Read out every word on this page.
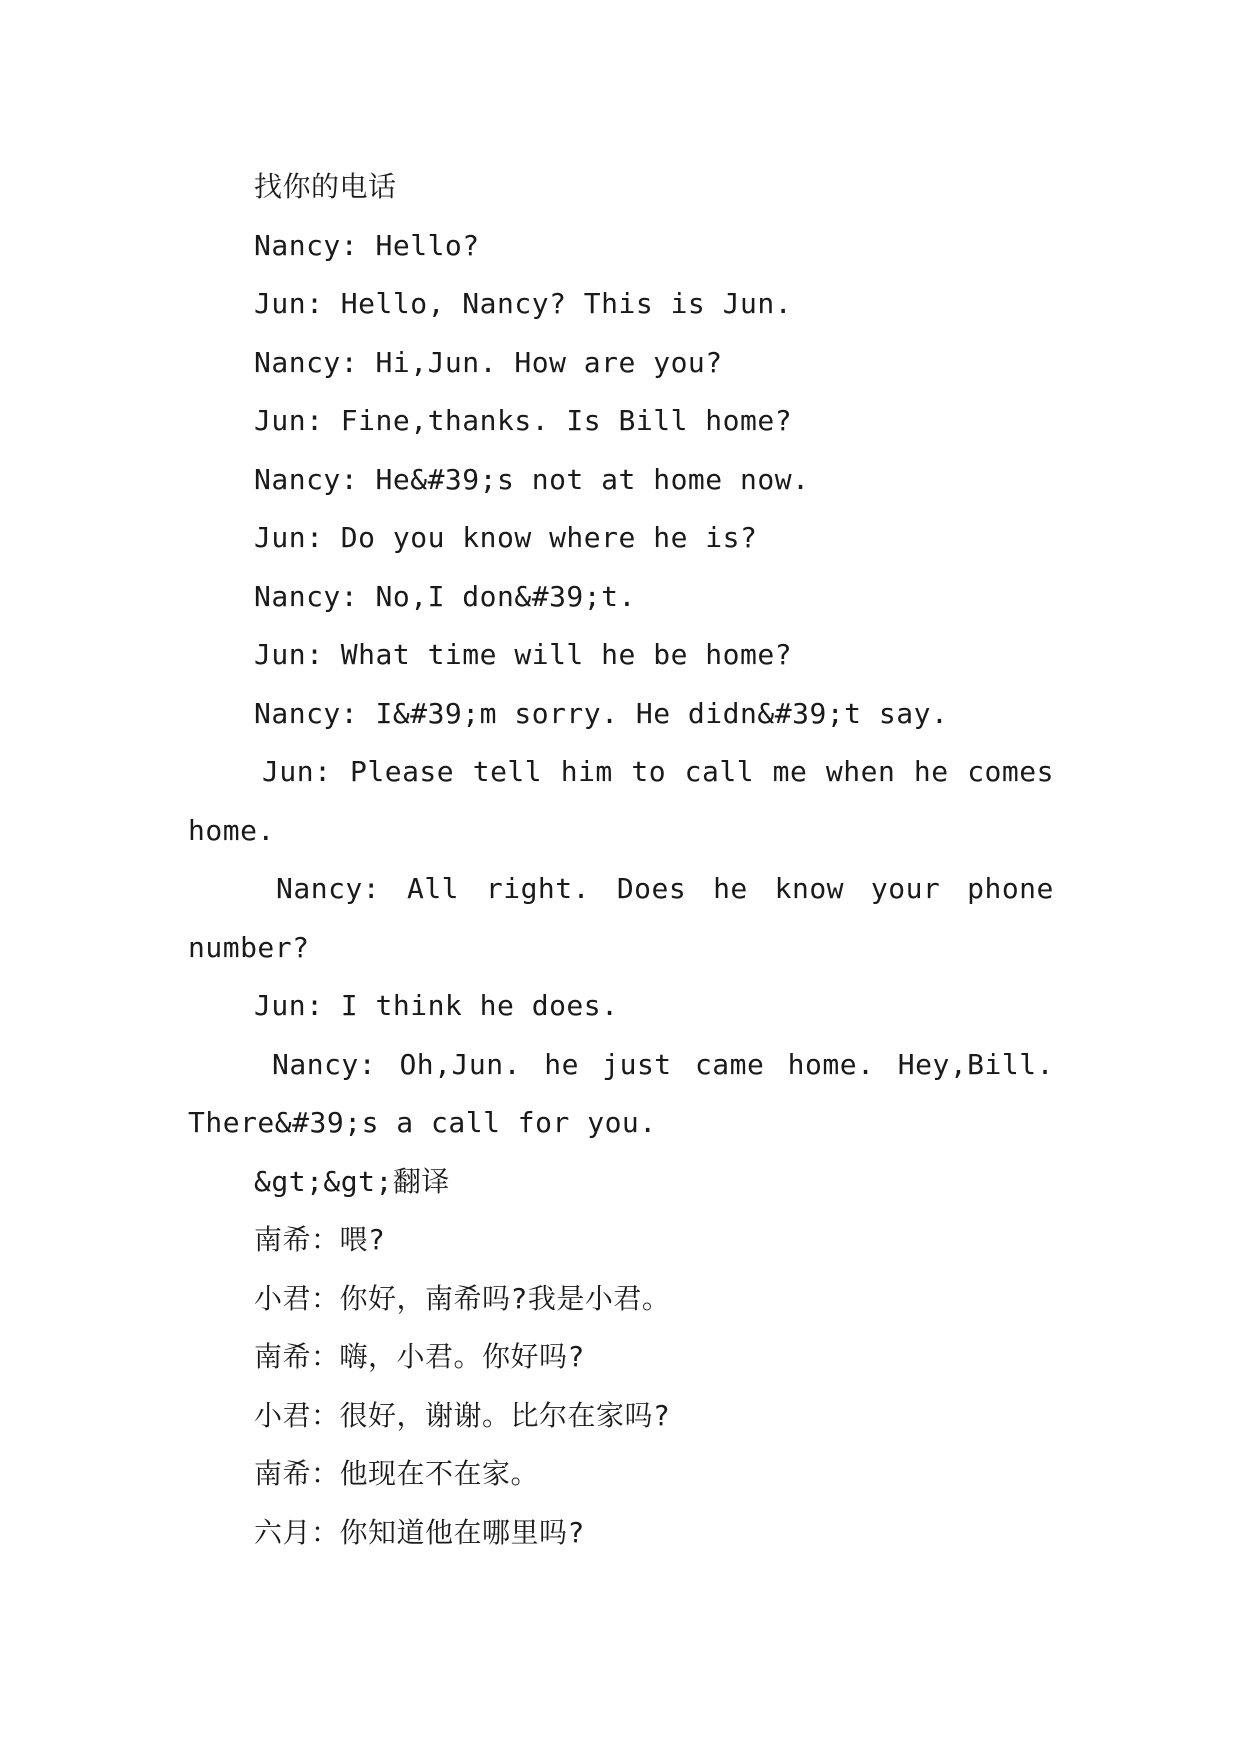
找你的电话
Nancy: Hello?
Jun: Hello, Nancy? This is Jun.
Nancy: Hi,Jun. How are you?
Jun: Fine,thanks. Is Bill home?
Nancy: He&#39;s not at home now.
Jun: Do you know where he is?
Nancy: No,I don&#39;t.
Jun: What time will he be home?
Nancy: I&#39;m sorry. He didn&#39;t say.
Jun: Please tell him to call me when he comes
home.
Nancy: All right. Does he know your phone
number?
Jun: I think he does.
Nancy: Oh,Jun. he just came home. Hey,Bill.
There&#39;s a call for you.
&gt;&gt;翻译
南希：喂?
小君：你好，南希吗?我是小君。
南希：嗨，小君。你好吗?
小君：很好，谢谢。比尔在家吗?
南希：他现在不在家。
六月：你知道他在哪里吗?
